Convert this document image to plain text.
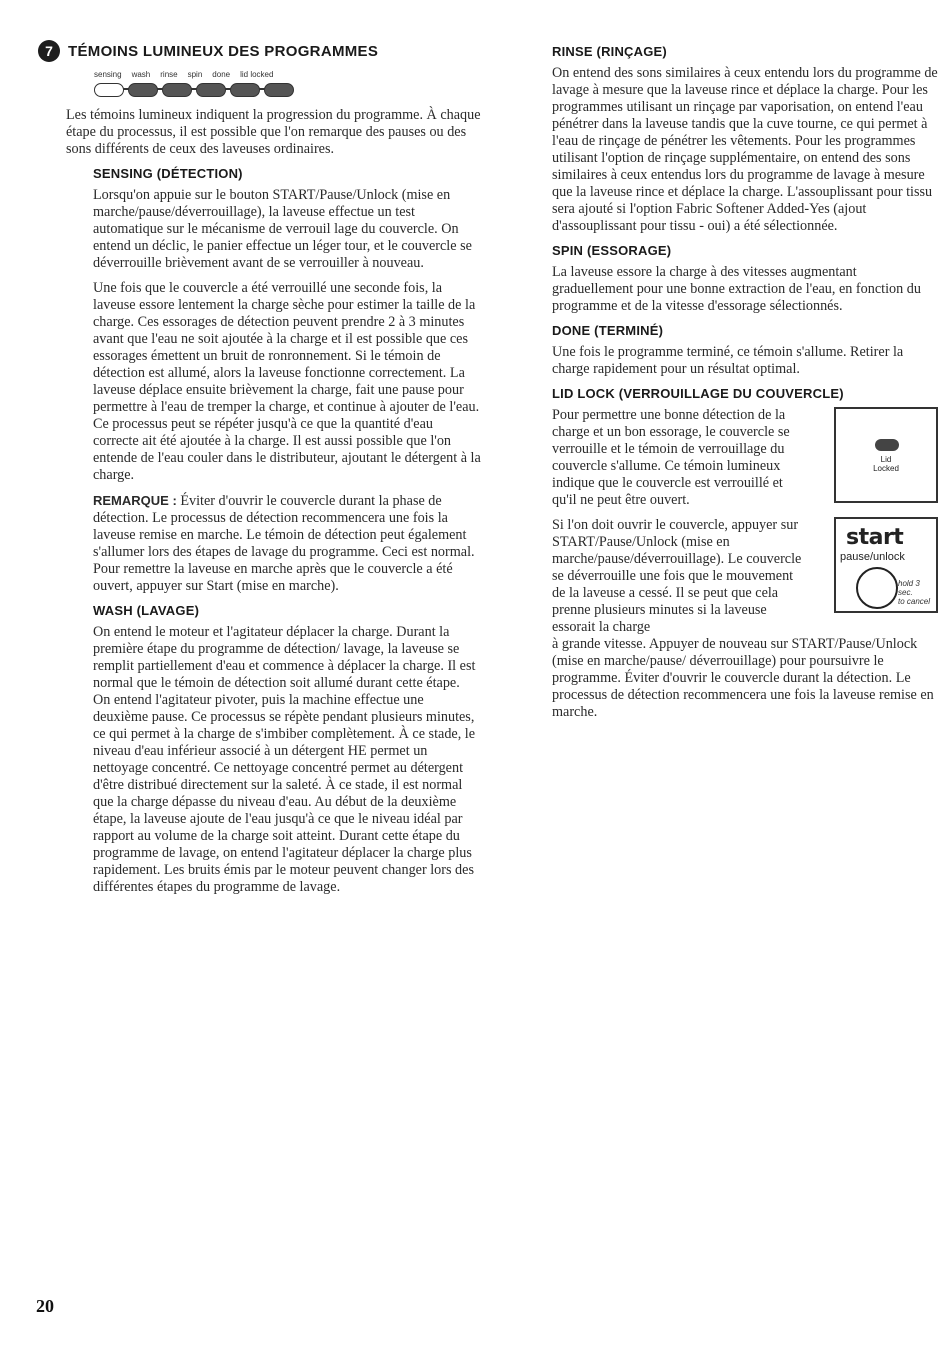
7	TÉMOINS LUMINEUX DES PROGRAMMES
sensing wash rinse spin done lid locked

Les témoins lumineux indiquent la progression du programme. À chaque étape du processus, il est possible que l'on remarque des pauses ou des sons différents de ceux des laveuses ordinaires.

SENSING (DÉTECTION)

Lorsqu'on appuie sur le bouton START/Pause/Unlock (mise en marche/pause/déverrouillage), la laveuse effectue un test automatique sur le mécanisme de verrouil lage du couvercle. On entend un déclic, le panier effectue un léger tour, et le couvercle se déverrouille brièvement avant de se verrouiller à nouveau.

Une fois que le couvercle a été verrouillé une seconde fois, la laveuse essore lentement la charge sèche pour estimer la taille de la charge. Ces essorages de détection peuvent prendre 2 à 3 minutes avant que l'eau ne soit ajoutée à la charge et il est possible que ces essorages émettent un bruit de ronronnement. Si le témoin de détection est allumé, alors la laveuse fonctionne correctement. La laveuse déplace ensuite brièvement la charge, fait une pause pour permettre à l'eau de tremper la charge, et continue à ajouter de l'eau. Ce processus peut se répéter jusqu'à ce que la quantité d'eau correcte ait été ajoutée à la charge. Il est aussi possible que l'on entende de l'eau couler dans le distributeur, ajoutant le détergent à la charge.

REMARQUE : Éviter d'ouvrir le couvercle durant la phase de détection. Le processus de détection recommencera une fois la laveuse remise en marche. Le témoin de détection peut également s'allumer lors des étapes de lavage du programme. Ceci est normal. Pour remettre la laveuse en marche après que le couvercle a été ouvert, appuyer sur Start (mise en marche).

WASH (LAVAGE)

On entend le moteur et l'agitateur déplacer la charge. Durant la première étape du programme de détection/ lavage, la laveuse se remplit partiellement d'eau et commence à déplacer la charge. Il est normal que le témoin de détection soit allumé durant cette étape.

On entend l'agitateur pivoter, puis la machine effectue une deuxième pause. Ce processus se répète pendant plusieurs minutes, ce qui permet à la charge de s'imbiber complètement. À ce stade, le niveau d'eau inférieur associé à un détergent HE permet un nettoyage concentré. Ce nettoyage concentré permet au détergent d'être distribué directement sur la saleté. À ce stade, il est normal que la charge dépasse du niveau d'eau. Au début de la deuxième étape, la laveuse ajoute de l'eau jusqu'à ce que le niveau idéal par rapport au volume de la charge soit atteint. Durant cette étape du programme de lavage, on entend l'agitateur déplacer la charge plus rapidement. Les bruits émis par le moteur peuvent changer lors des différentes étapes du programme de lavage.

RINSE (RINÇAGE)

On entend des sons similaires à ceux entendu lors du programme de lavage à mesure que la laveuse rince et déplace la charge. Pour les programmes utilisant un rinçage par vaporisation, on entend l'eau pénétrer dans la laveuse tandis que la cuve tourne, ce qui permet à l'eau de rinçage de pénétrer les vêtements. Pour les programmes utilisant l'option de rinçage supplémentaire, on entend des sons similaires à ceux entendus lors du programme de lavage à mesure que la laveuse rince et déplace la charge. L'assouplissant pour tissu sera ajouté si l'option Fabric Softener Added-Yes (ajout d'assouplissant pour tissu - oui) a été sélectionnée.

SPIN (ESSORAGE)

La laveuse essore la charge à des vitesses augmentant graduellement pour une bonne extraction de l'eau, en fonction du programme et de la vitesse d'essorage sélectionnés.

DONE (TERMINÉ)

Une fois le programme terminé, ce témoin s'allume. Retirer la charge rapidement pour un résultat optimal.

LID LOCK (VERROUILLAGE DU COUVERCLE)
Lid
Locked

Pour permettre une bonne détection de la charge et un bon essorage, le couvercle se verrouille et le témoin de verrouillage du couvercle s'allume. Ce témoin lumineux indique que le couvercle est verrouillé et qu'il ne peut être ouvert.

start
pause/unlock
hold 3 sec.
to cancel

Si l'on doit ouvrir le couvercle, appuyer sur START/Pause/Unlock (mise en marche/pause/déverrouillage). Le couvercle se déverrouille une fois que le mouvement de la laveuse a cessé. Il se peut que cela prenne plusieurs minutes si la laveuse essorait la charge

à grande vitesse. Appuyer de nouveau sur START/Pause/Unlock (mise en marche/pause/ déverrouillage) pour poursuivre le programme. Éviter d'ouvrir le couvercle durant la détection. Le processus de détection recommencera une fois la laveuse remise en marche.

20
